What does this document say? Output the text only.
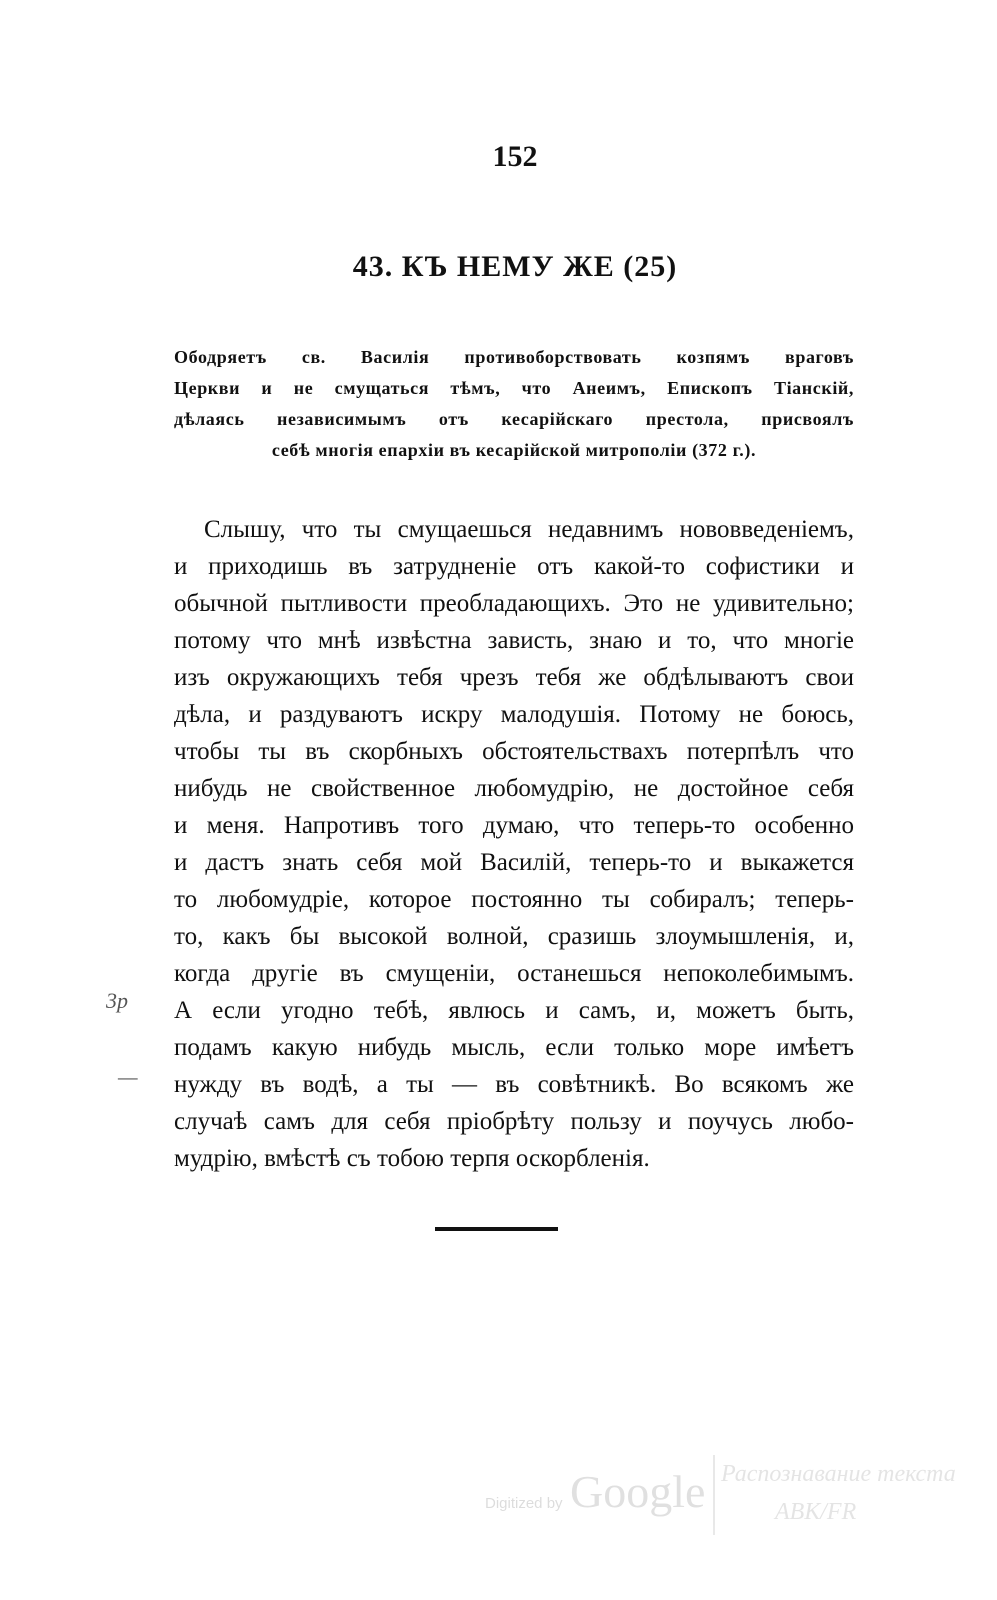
152
43. КЪ НЕМУ ЖЕ (25)
Ободряетъ св. Василія противоборствовать козпямъ враговъ
Церкви и не смущаться тѣмъ, что Анеимъ, Епископъ Тіанскій,
дѣлаясь независимымъ отъ кесарійскаго престола, присвоялъ
себѣ многія епархіи въ кесарійской митрополіи (372 г.).
Слышу, что ты смущаешься недавнимъ нововведеніемъ,
и приходишь въ затрудненіе отъ какой-то софистики и
обычной пытливости преобладающихъ. Это не удивительно;
потому что мнѣ извѣстна зависть, знаю и то, что многіе
изъ окружающихъ тебя чрезъ тебя же обдѣлываютъ свои
дѣла, и раздуваютъ искру малодушія. Потому не боюсь,
чтобы ты въ скорбныхъ обстоятельствахъ потерпѣлъ что
нибудь не свойственное любомудрію, не достойное себя
и меня. Напротивъ того думаю, что теперь-то особенно
и дастъ знать себя мой Василій, теперь-то и выкажется
то любомудріе, которое постоянно ты собиралъ; теперь-
то, какъ бы высокой волной, сразишь злоумышленія, и,
когда другіе въ смущеніи, останешься непоколебимымъ.
А если угодно тебѣ, явлюсь и самъ, и, можетъ быть,
подамъ какую нибудь мысль, если только море имѣетъ
нужду въ водѣ, а ты — въ совѣтникѣ. Во всякомъ же
случаѣ самъ для себя пріобрѣту пользу и поучусь любо-
мудрію, вмѣстѣ съ тобою терпя оскорбленія.
3р
—
Digitized by Google Распознавание текста
АВК/FR
